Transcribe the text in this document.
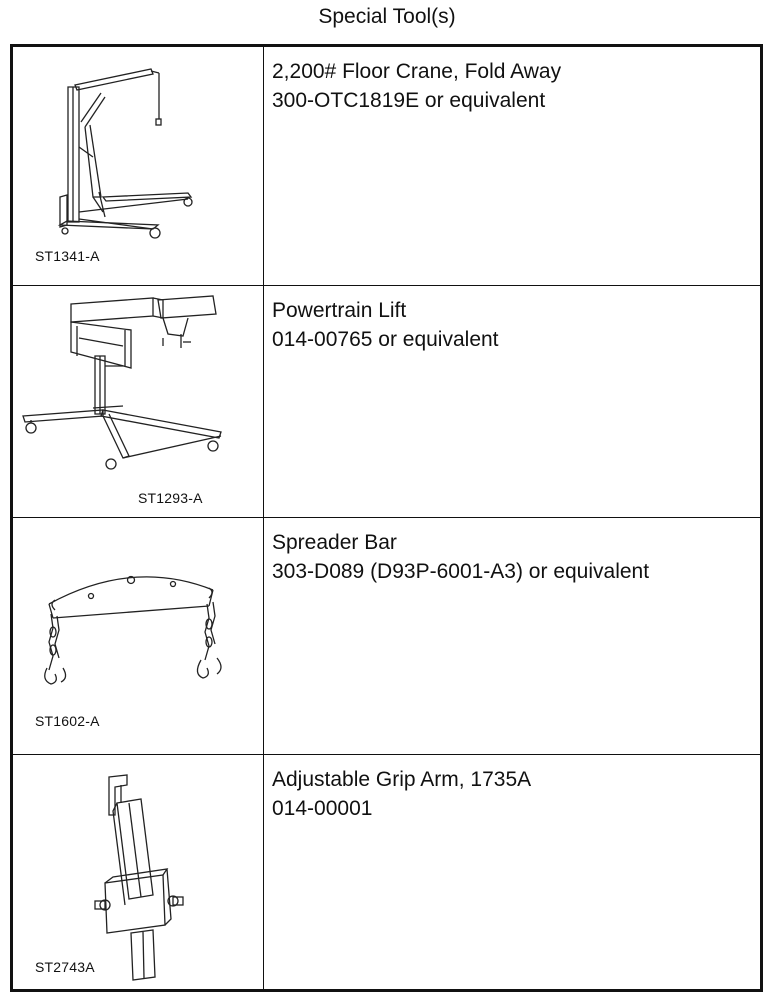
Special Tool(s)
ST1341-A
2,200# Floor Crane, Fold Away
300-OTC1819E or equivalent
ST1293-A
Powertrain Lift
014-00765 or equivalent
ST1602-A
Spreader Bar
303-D089 (D93P-6001-A3) or equivalent
ST2743A
Adjustable Grip Arm, 1735A
014-00001
